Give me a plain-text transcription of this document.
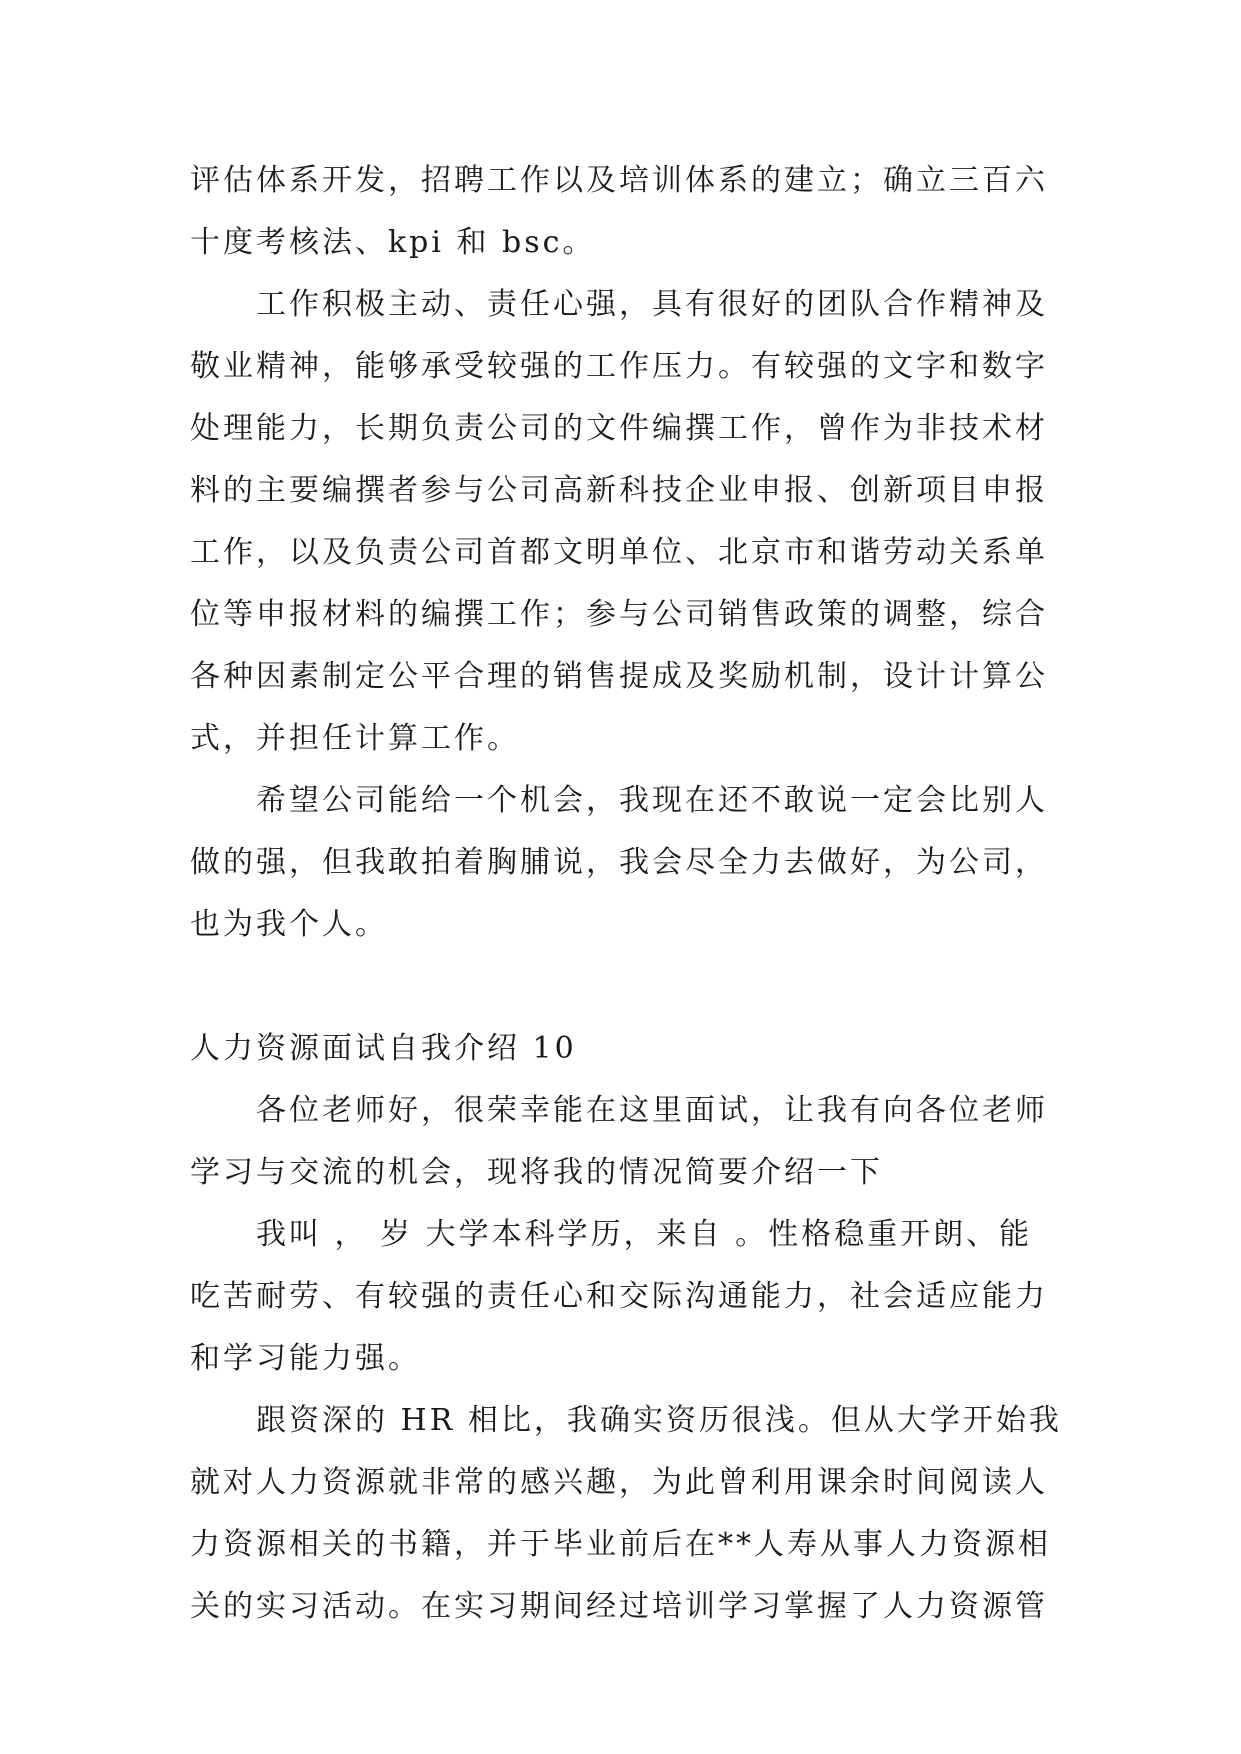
评估体系开发，招聘工作以及培训体系的建立；确立三百六
十度考核法、kpi 和 bsc。
工作积极主动、责任心强，具有很好的团队合作精神及
敬业精神，能够承受较强的工作压力。有较强的文字和数字
处理能力，长期负责公司的文件编撰工作，曾作为非技术材
料的主要编撰者参与公司高新科技企业申报、创新项目申报
工作，以及负责公司首都文明单位、北京市和谐劳动关系单
位等申报材料的编撰工作；参与公司销售政策的调整，综合
各种因素制定公平合理的销售提成及奖励机制，设计计算公
式，并担任计算工作。
希望公司能给一个机会，我现在还不敢说一定会比别人
做的强，但我敢拍着胸脯说，我会尽全力去做好，为公司，
也为我个人。
人力资源面试自我介绍 10
各位老师好，很荣幸能在这里面试，让我有向各位老师
学习与交流的机会，现将我的情况简要介绍一下
我叫 ， 岁 大学本科学历，来自 。性格稳重开朗、能
吃苦耐劳、有较强的责任心和交际沟通能力，社会适应能力
和学习能力强。
跟资深的 HR 相比，我确实资历很浅。但从大学开始我
就对人力资源就非常的感兴趣，为此曾利用课余时间阅读人
力资源相关的书籍，并于毕业前后在**人寿从事人力资源相
关的实习活动。在实习期间经过培训学习掌握了人力资源管
